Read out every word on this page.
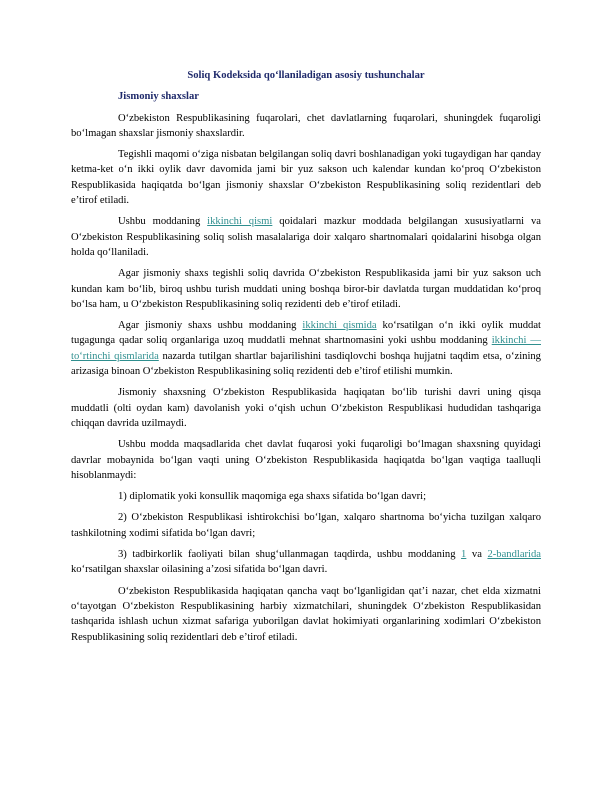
Soliq Kodeksida qo‘llaniladigan asosiy tushunchalar
Jismoniy shaxslar

O‘zbekiston Respublikasining fuqarolari, chet davlatlarning fuqarolari, shuningdek fuqaroligi bo‘lmagan shaxslar jismoniy shaxslardir.

Tegishli maqomi o‘ziga nisbatan belgilangan soliq davri boshlanadigan yoki tugaydigan har qanday ketma-ket o‘n ikki oylik davr davomida jami bir yuz sakson uch kalendar kundan ko‘proq O‘zbekiston Respublikasida haqiqatda bo‘lgan jismoniy shaxslar O‘zbekiston Respublikasining soliq rezidentlari deb e’tirof etiladi.

Ushbu moddaning ikkinchi qismi qoidalari mazkur moddada belgilangan xususiyatlarni va O‘zbekiston Respublikasining soliq solish masalalariga doir xalqaro shartnomalari qoidalarini hisobga olgan holda qo‘llaniladi.

Agar jismoniy shaxs tegishli soliq davrida O‘zbekiston Respublikasida jami bir yuz sakson uch kundan kam bo‘lib, biroq ushbu turish muddati uning boshqa biror-bir davlatda turgan muddatidan ko‘proq bo‘lsa ham, u O‘zbekiston Respublikasining soliq rezidenti deb e’tirof etiladi.

Agar jismoniy shaxs ushbu moddaning ikkinchi qismida ko‘rsatilgan o‘n ikki oylik muddat tugagunga qadar soliq organlariga uzoq muddatli mehnat shartnomasini yoki ushbu moddaning ikkinchi — to‘rtinchi qismlarida nazarda tutilgan shartlar bajarilishini tasdiqlovchi boshqa hujjatni taqdim etsa, o‘zining arizasiga binoan O‘zbekiston Respublikasining soliq rezidenti deb e’tirof etilishi mumkin.

Jismoniy shaxsning O‘zbekiston Respublikasida haqiqatan bo‘lib turishi davri uning qisqa muddatli (olti oydan kam) davolanish yoki o‘qish uchun O‘zbekiston Respublikasi hududidan tashqariga chiqqan davrida uzilmaydi.

Ushbu modda maqsadlarida chet davlat fuqarosi yoki fuqaroligi bo‘lmagan shaxsning quyidagi davrlar mobaynida bo‘lgan vaqti uning O‘zbekiston Respublikasida haqiqatda bo‘lgan vaqtiga taalluqli hisoblanmaydi:

1) diplomatik yoki konsullik maqomiga ega shaxs sifatida bo‘lgan davri;

2) O‘zbekiston Respublikasi ishtirokchisi bo‘lgan, xalqaro shartnoma bo‘yicha tuzilgan xalqaro tashkilotning xodimi sifatida bo‘lgan davri;

3) tadbirkorlik faoliyati bilan shug‘ullanmagan taqdirda, ushbu moddaning 1 va 2-bandlarida ko‘rsatilgan shaxslar oilasining a’zosi sifatida bo‘lgan davri.

O‘zbekiston Respublikasida haqiqatan qancha vaqt bo‘lganligidan qat’i nazar, chet elda xizmatni o‘tayotgan O‘zbekiston Respublikasining harbiy xizmatchilari, shuningdek O‘zbekiston Respublikasidan tashqarida ishlash uchun xizmat safariga yuborilgan davlat hokimiyati organlarining xodimlari O‘zbekiston Respublikasining soliq rezidentlari deb e’tirof etiladi.
